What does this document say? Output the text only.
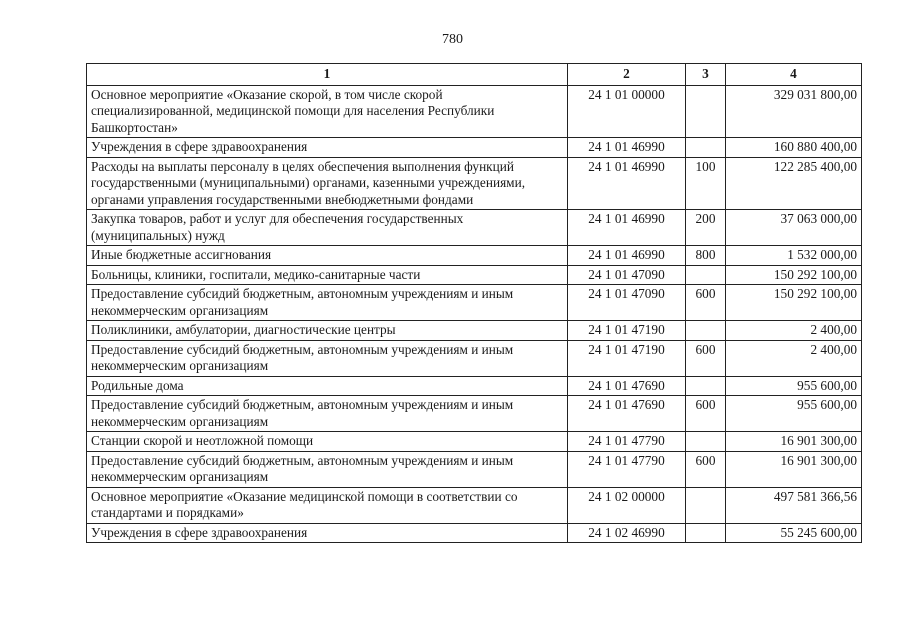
780
1	2	3	4
Основное мероприятие «Оказание скорой, в том числе скорой специализированной, медицинской помощи для населения Республики Башкортостан»	24 1 01 00000		329 031 800,00
Учреждения в сфере здравоохранения	24 1 01 46990		160 880 400,00
Расходы на выплаты персоналу в целях обеспечения выполнения функций государственными (муниципальными) органами, казенными учреждениями, органами управления государственными внебюджетными фондами	24 1 01 46990	100	122 285 400,00
Закупка товаров, работ и услуг для обеспечения государственных (муниципальных) нужд	24 1 01 46990	200	37 063 000,00
Иные бюджетные ассигнования	24 1 01 46990	800	1 532 000,00
Больницы, клиники, госпитали, медико-санитарные части	24 1 01 47090		150 292 100,00
Предоставление субсидий бюджетным, автономным учреждениям и иным некоммерческим организациям	24 1 01 47090	600	150 292 100,00
Поликлиники, амбулатории, диагностические центры	24 1 01 47190		2 400,00
Предоставление субсидий бюджетным, автономным учреждениям и иным некоммерческим организациям	24 1 01 47190	600	2 400,00
Родильные дома	24 1 01 47690		955 600,00
Предоставление субсидий бюджетным, автономным учреждениям и иным некоммерческим организациям	24 1 01 47690	600	955 600,00
Станции скорой и неотложной помощи	24 1 01 47790		16 901 300,00
Предоставление субсидий бюджетным, автономным учреждениям и иным некоммерческим организациям	24 1 01 47790	600	16 901 300,00
Основное мероприятие «Оказание медицинской помощи в соответствии со стандартами и порядками»	24 1 02 00000		497 581 366,56
Учреждения в сфере здравоохранения	24 1 02 46990		55 245 600,00
